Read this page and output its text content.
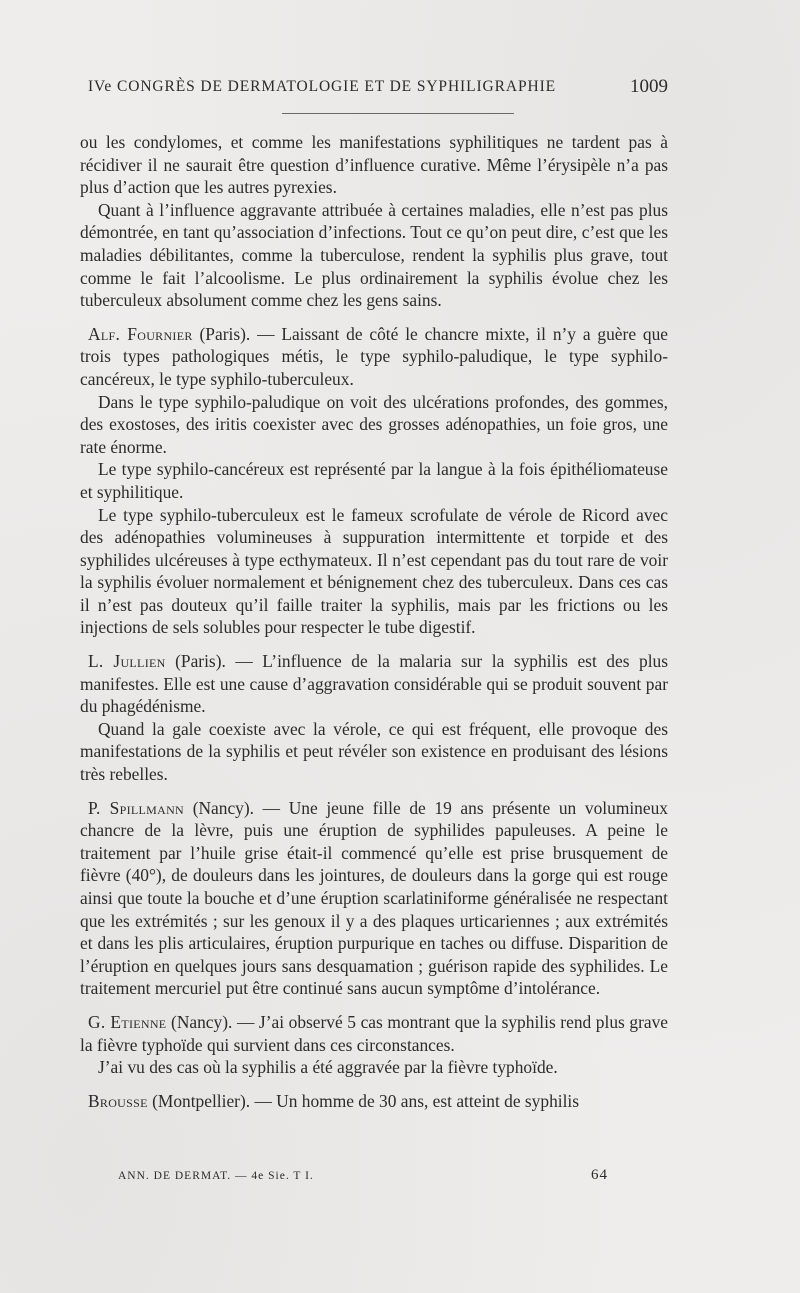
IVe CONGRÈS DE DERMATOLOGIE ET DE SYPHILIGRAPHIE	1009

ou les condylomes, et comme les manifestations syphilitiques ne tardent pas à récidiver il ne saurait être question d’influence curative. Même l’érysipèle n’a pas plus d’action que les autres pyrexies.

Quant à l’influence aggravante attribuée à certaines maladies, elle n’est pas plus démontrée, en tant qu’association d’infections. Tout ce qu’on peut dire, c’est que les maladies débilitantes, comme la tuberculose, rendent la syphilis plus grave, tout comme le fait l’alcoolisme. Le plus ordinairement la syphilis évolue chez les tuberculeux absolument comme chez les gens sains.

Alf. Fournier (Paris). — Laissant de côté le chancre mixte, il n’y a guère que trois types pathologiques métis, le type syphilo-paludique, le type syphilo-cancéreux, le type syphilo-tuberculeux.

Dans le type syphilo-paludique on voit des ulcérations profondes, des gommes, des exostoses, des iritis coexister avec des grosses adénopathies, un foie gros, une rate énorme.

Le type syphilo-cancéreux est représenté par la langue à la fois épithéliomateuse et syphilitique.

Le type syphilo-tuberculeux est le fameux scrofulate de vérole de Ricord avec des adénopathies volumineuses à suppuration intermittente et torpide et des syphilides ulcéreuses à type ecthymateux. Il n’est cependant pas du tout rare de voir la syphilis évoluer normalement et bénignement chez des tuberculeux. Dans ces cas il n’est pas douteux qu’il faille traiter la syphilis, mais par les frictions ou les injections de sels solubles pour respecter le tube digestif.

L. Jullien (Paris). — L’influence de la malaria sur la syphilis est des plus manifestes. Elle est une cause d’aggravation considérable qui se produit souvent par du phagédénisme.

Quand la gale coexiste avec la vérole, ce qui est fréquent, elle provoque des manifestations de la syphilis et peut révéler son existence en produisant des lésions très rebelles.

P. Spillmann (Nancy). — Une jeune fille de 19 ans présente un volumineux chancre de la lèvre, puis une éruption de syphilides papuleuses. A peine le traitement par l’huile grise était-il commencé qu’elle est prise brusquement de fièvre (40°), de douleurs dans les jointures, de douleurs dans la gorge qui est rouge ainsi que toute la bouche et d’une éruption scarlatiniforme généralisée ne respectant que les extrémités ; sur les genoux il y a des plaques urticariennes ; aux extrémités et dans les plis articulaires, éruption purpurique en taches ou diffuse. Disparition de l’éruption en quelques jours sans desquamation ; guérison rapide des syphilides. Le traitement mercuriel put être continué sans aucun symptôme d’intolérance.

G. Etienne (Nancy). — J’ai observé 5 cas montrant que la syphilis rend plus grave la fièvre typhoïde qui survient dans ces circonstances.

J’ai vu des cas où la syphilis a été aggravée par la fièvre typhoïde.

Brousse (Montpellier). — Un homme de 30 ans, est atteint de syphilis

ANN. DE DERMAT. — 4e Sie. T I.	64
